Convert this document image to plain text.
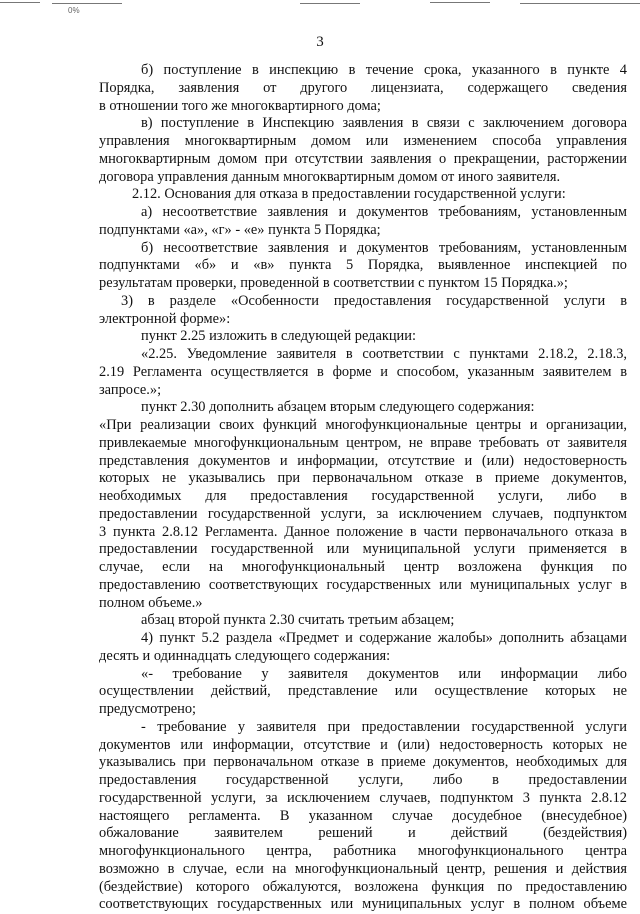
0%
3
б) поступление в инспекцию в течение срока, указанного в пункте 4
Порядка, заявления от другого лицензиата, содержащего сведения
в отношении того же многоквартирного дома;
в) поступление в Инспекцию заявления в связи с заключением договора
управления многоквартирным домом или изменением способа управления
многоквартирным домом при отсутствии заявления о прекращении, расторжении
договора управления данным многоквартирным домом от иного заявителя.
2.12. Основания для отказа в предоставлении государственной услуги:
а) несоответствие заявления и документов требованиям, установленным
подпунктами «а», «г» - «е» пункта 5 Порядка;
б) несоответствие заявления и документов требованиям, установленным
подпунктами «б» и «в» пункта 5 Порядка, выявленное инспекцией по
результатам проверки, проведенной в соответствии с пунктом 15 Порядка.»;
3) в разделе «Особенности предоставления государственной услуги в
электронной форме»:
пункт 2.25 изложить в следующей редакции:
«2.25. Уведомление заявителя в соответствии с пунктами 2.18.2, 2.18.3,
2.19 Регламента осуществляется в форме и способом, указанным заявителем в
запросе.»;
пункт 2.30 дополнить абзацем вторым следующего содержания:
«При реализации своих функций многофункциональные центры и организации,
привлекаемые многофункциональным центром, не вправе требовать от заявителя
представления документов и информации, отсутствие и (или) недостоверность
которых не указывались при первоначальном отказе в приеме документов,
необходимых для предоставления государственной услуги, либо в
предоставлении государственной услуги, за исключением случаев, подпунктом
3 пункта 2.8.12 Регламента. Данное положение в части первоначального отказа в
предоставлении государственной или муниципальной услуги применяется в
случае, если на многофункциональный центр возложена функция по
предоставлению соответствующих государственных или муниципальных услуг в
полном объеме.»
абзац второй пункта 2.30 считать третьим абзацем;
4) пункт 5.2 раздела «Предмет и содержание жалобы» дополнить абзацами
десять и одиннадцать следующего содержания:
«- требование у заявителя документов или информации либо
осуществлении действий, представление или осуществление которых не
предусмотрено;
- требование у заявителя при предоставлении государственной услуги
документов или информации, отсутствие и (или) недостоверность которых не
указывались при первоначальном отказе в приеме документов, необходимых для
предоставления государственной услуги, либо в предоставлении
государственной услуги, за исключением случаев, подпунктом 3 пункта 2.8.12
настоящего регламента. В указанном случае досудебное (внесудебное)
обжалование заявителем решений и действий (бездействия)
многофункционального центра, работника многофункционального центра
возможно в случае, если на многофункциональный центр, решения и действия
(бездействие) которого обжалуются, возложена функция по предоставлению
соответствующих государственных или муниципальных услуг в полном объеме
